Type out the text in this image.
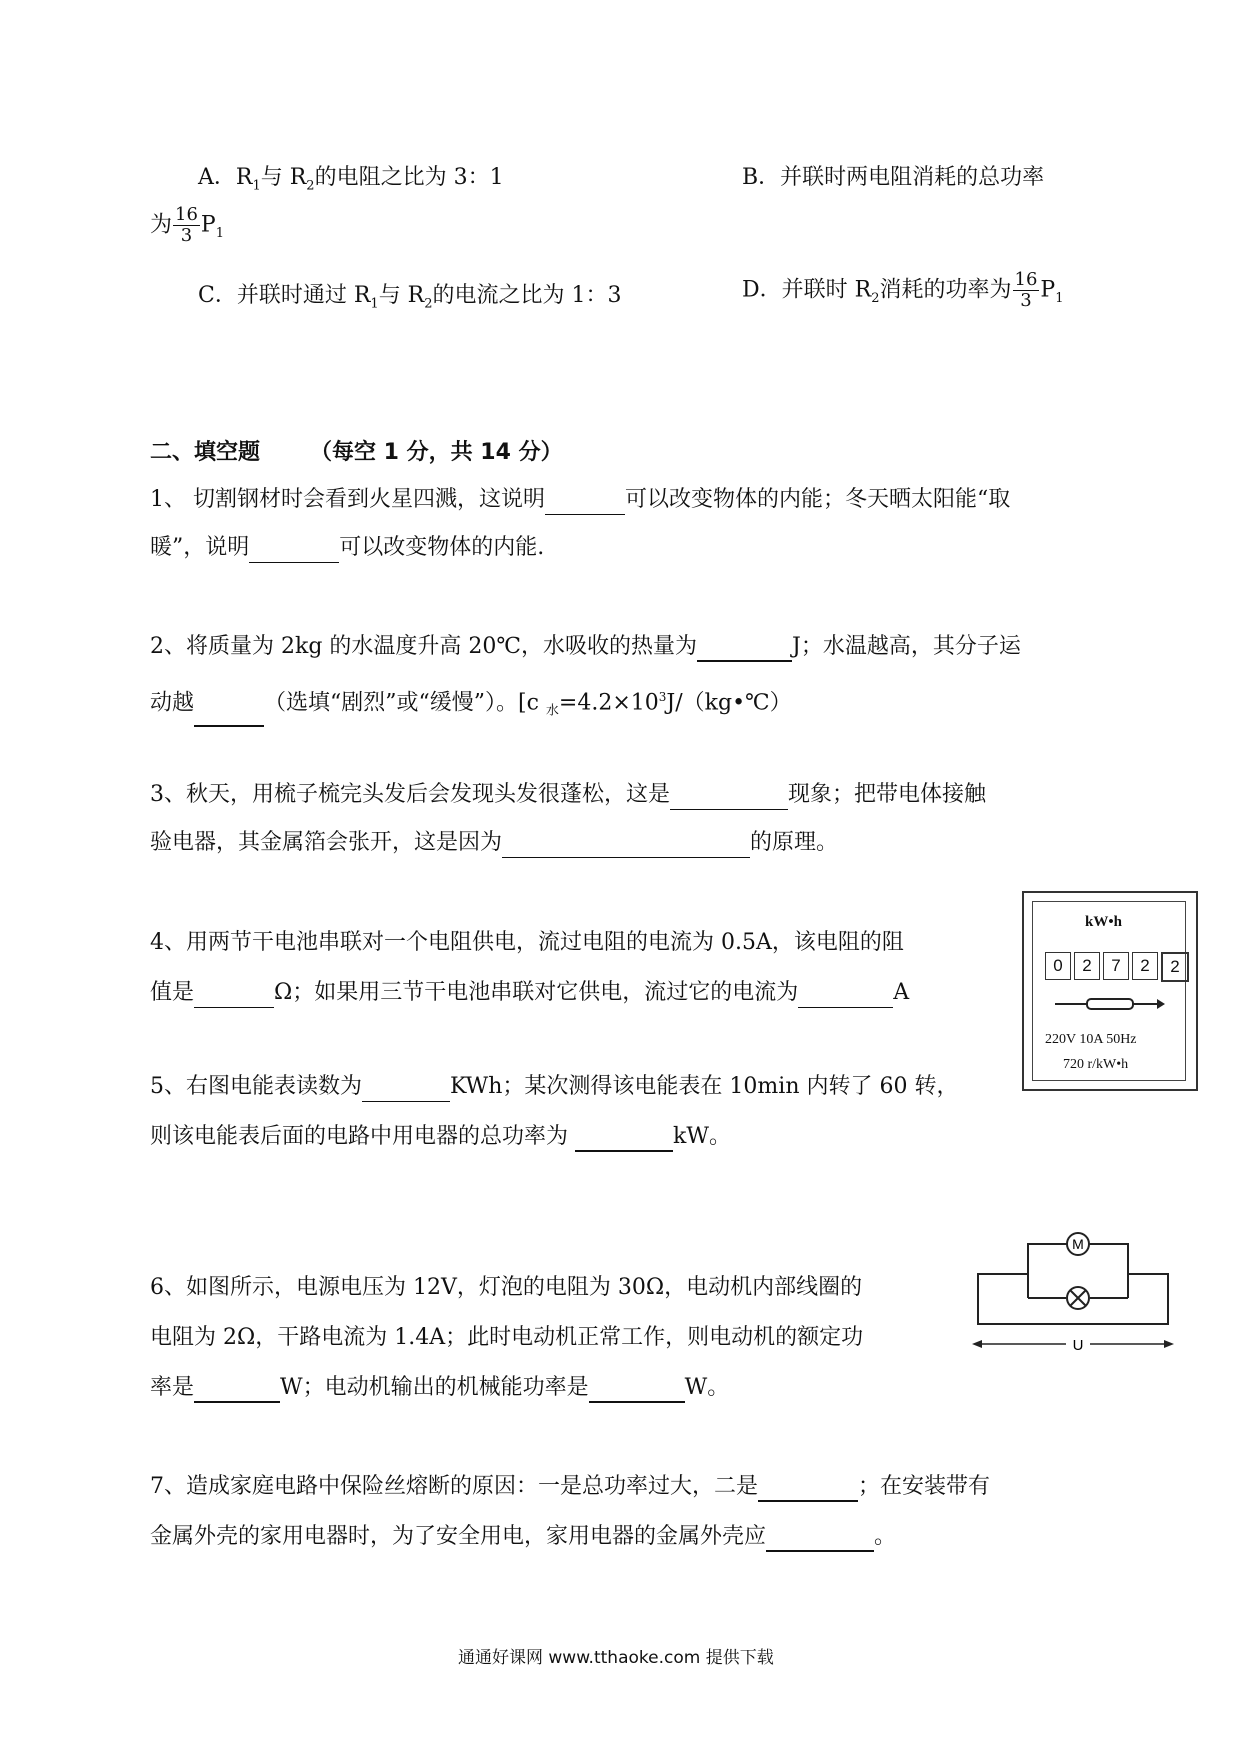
A．$R_1$与 $R_2$的电阻之比为 3：1	B．并联时两电阻消耗的总功率
为 $\frac{16}{3} P_1$
C．并联时通过 $R_1$与 $R_2$的电流之比为 1：3	D．并联时 $R_2$消耗的功率为 $\frac{16}{3} P_1$
二、填空题 （每空 1 分，共 14 分）
1、 切割钢材时会看到火星四溅，这说明	可以改变物体的内能；冬天晒太阳能“取
暖”，说明	可以改变物体的内能.
2、将质量为 2kg 的水温度升高 20℃，水吸收的热量为	J；水温越高，其分子运
动越	（选填“剧烈”或“缓慢”）。[c $_水=4.2\times 10^3J/(kg•℃)$
3、秋天，用梳子梳完头发后会发现头发很蓬松，这是	现象；把带电体接触
验电器，其金属箔会张开，这是因为	的原理。
4、用两节干电池串联对一个电阻供电，流过电阻的电流为 0.5A，该电阻的阻
值是	Ω；如果用三节干电池串联对它供电，流过它的电流为	A
kW•h
0	2	7	2	2
220V 10A 50Hz
720 r/kW•h
5、右图电能表读数为	KWh；某次测得该电能表在 10min 内转了 60 转，
则该电能表后面的电路中用电器的总功率为	kW。
M
U
6、如图所示，电源电压为 12V，灯泡的电阻为 30Ω，电动机内部线圈的
电阻为 2Ω，干路电流为 1.4A；此时电动机正常工作，则电动机的额定功
率是	W；电动机输出的机械能功率是	W。
7、造成家庭电路中保险丝熔断的原因：一是总功率过大，二是	；在安装带有
金属外壳的家用电器时，为了安全用电，家用电器的金属外壳应	。
通通好课网 www.tthaoke.com 提供下载
